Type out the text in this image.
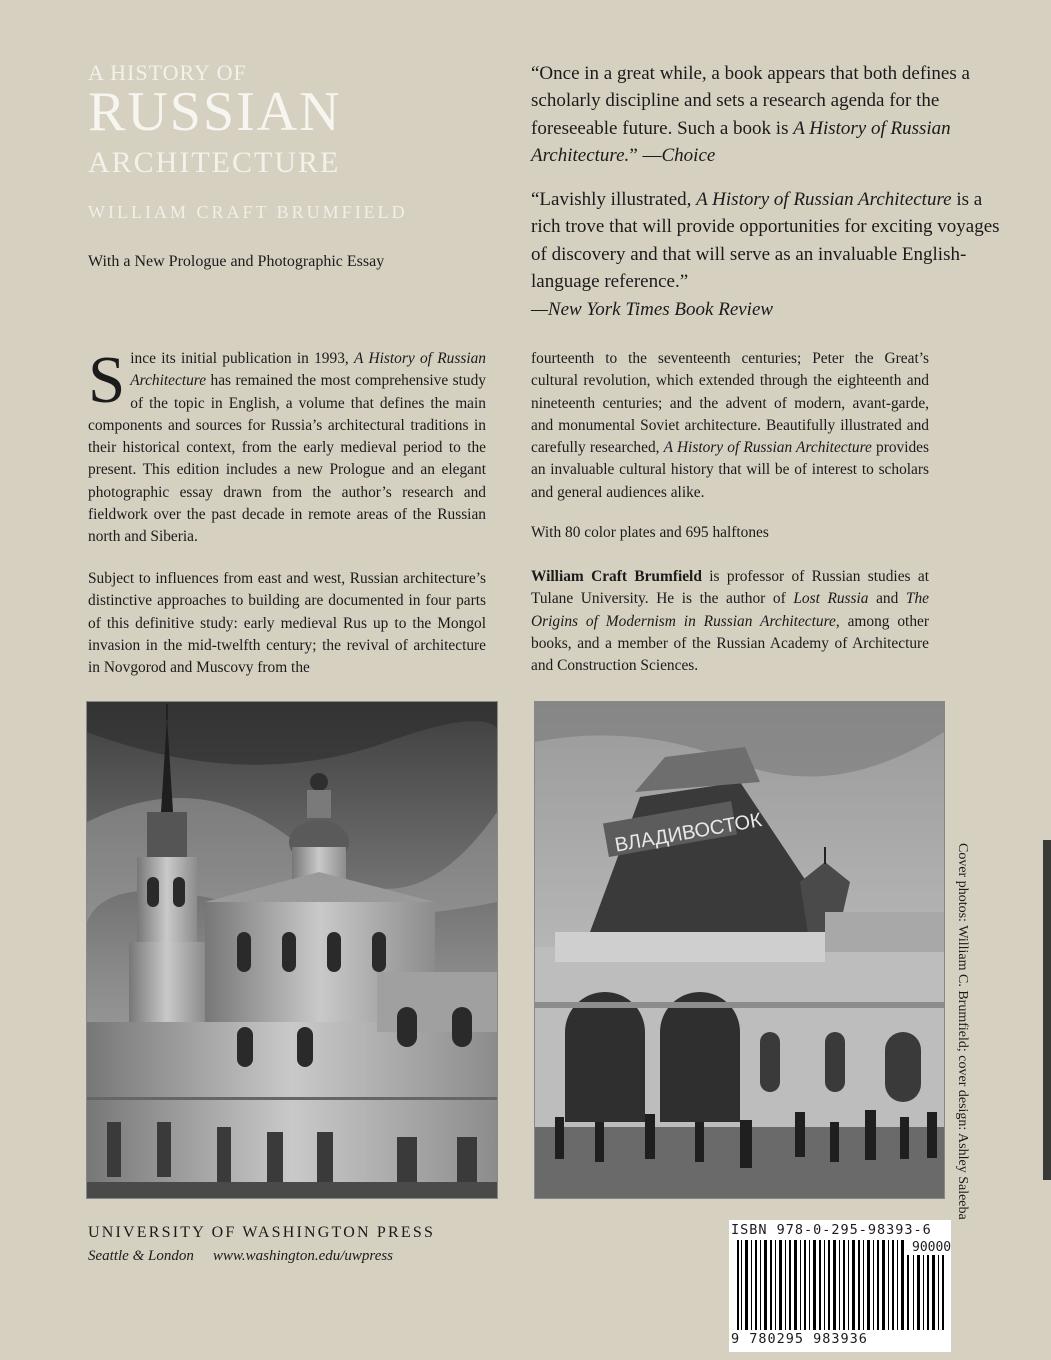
A HISTORY OF
RUSSIAN
ARCHITECTURE
WILLIAM CRAFT BRUMFIELD
With a New Prologue and Photographic Essay
“Once in a great while, a book appears that both defines a scholarly discipline and sets a research agenda for the foreseeable future. Such a book is A History of Russian Architecture.” —Choice
“Lavishly illustrated, A History of Russian Architecture is a rich trove that will provide opportunities for exciting voyages of discovery and that will serve as an invaluable English-language reference.”
—New York Times Book Review
Since its initial publication in 1993, A History of Russian Architecture has remained the most comprehensive study of the topic in English, a volume that defines the main components and sources for Russia’s architectural traditions in their historical context, from the early medieval period to the present. This edition includes a new Prologue and an elegant photographic essay drawn from the author’s research and fieldwork over the past decade in remote areas of the Russian north and Siberia.
Subject to influences from east and west, Russian architecture’s distinctive approaches to building are documented in four parts of this definitive study: early medieval Rus up to the Mongol invasion in the mid-twelfth century; the revival of architecture in Novgorod and Muscovy from the
fourteenth to the seventeenth centuries; Peter the Great’s cultural revolution, which extended through the eighteenth and nineteenth centuries; and the advent of modern, avant-garde, and monumental Soviet architecture. Beautifully illustrated and carefully researched, A History of Russian Architecture provides an invaluable cultural history that will be of interest to scholars and general audiences alike.
With 80 color plates and 695 halftones
William Craft Brumfield is professor of Russian studies at Tulane University. He is the author of Lost Russia and The Origins of Modernism in Russian Architecture, among other books, and a member of the Russian Academy of Architecture and Construction Sciences.
ВЛАДИВОСТОК
Cover photos: William C. Brumfield; cover design: Ashley Saleeba
UNIVERSITY OF WASHINGTON PRESS
Seattle & London www.washington.edu/uwpress
ISBN 978-0-295-98393-6
90000
9 780295 983936
